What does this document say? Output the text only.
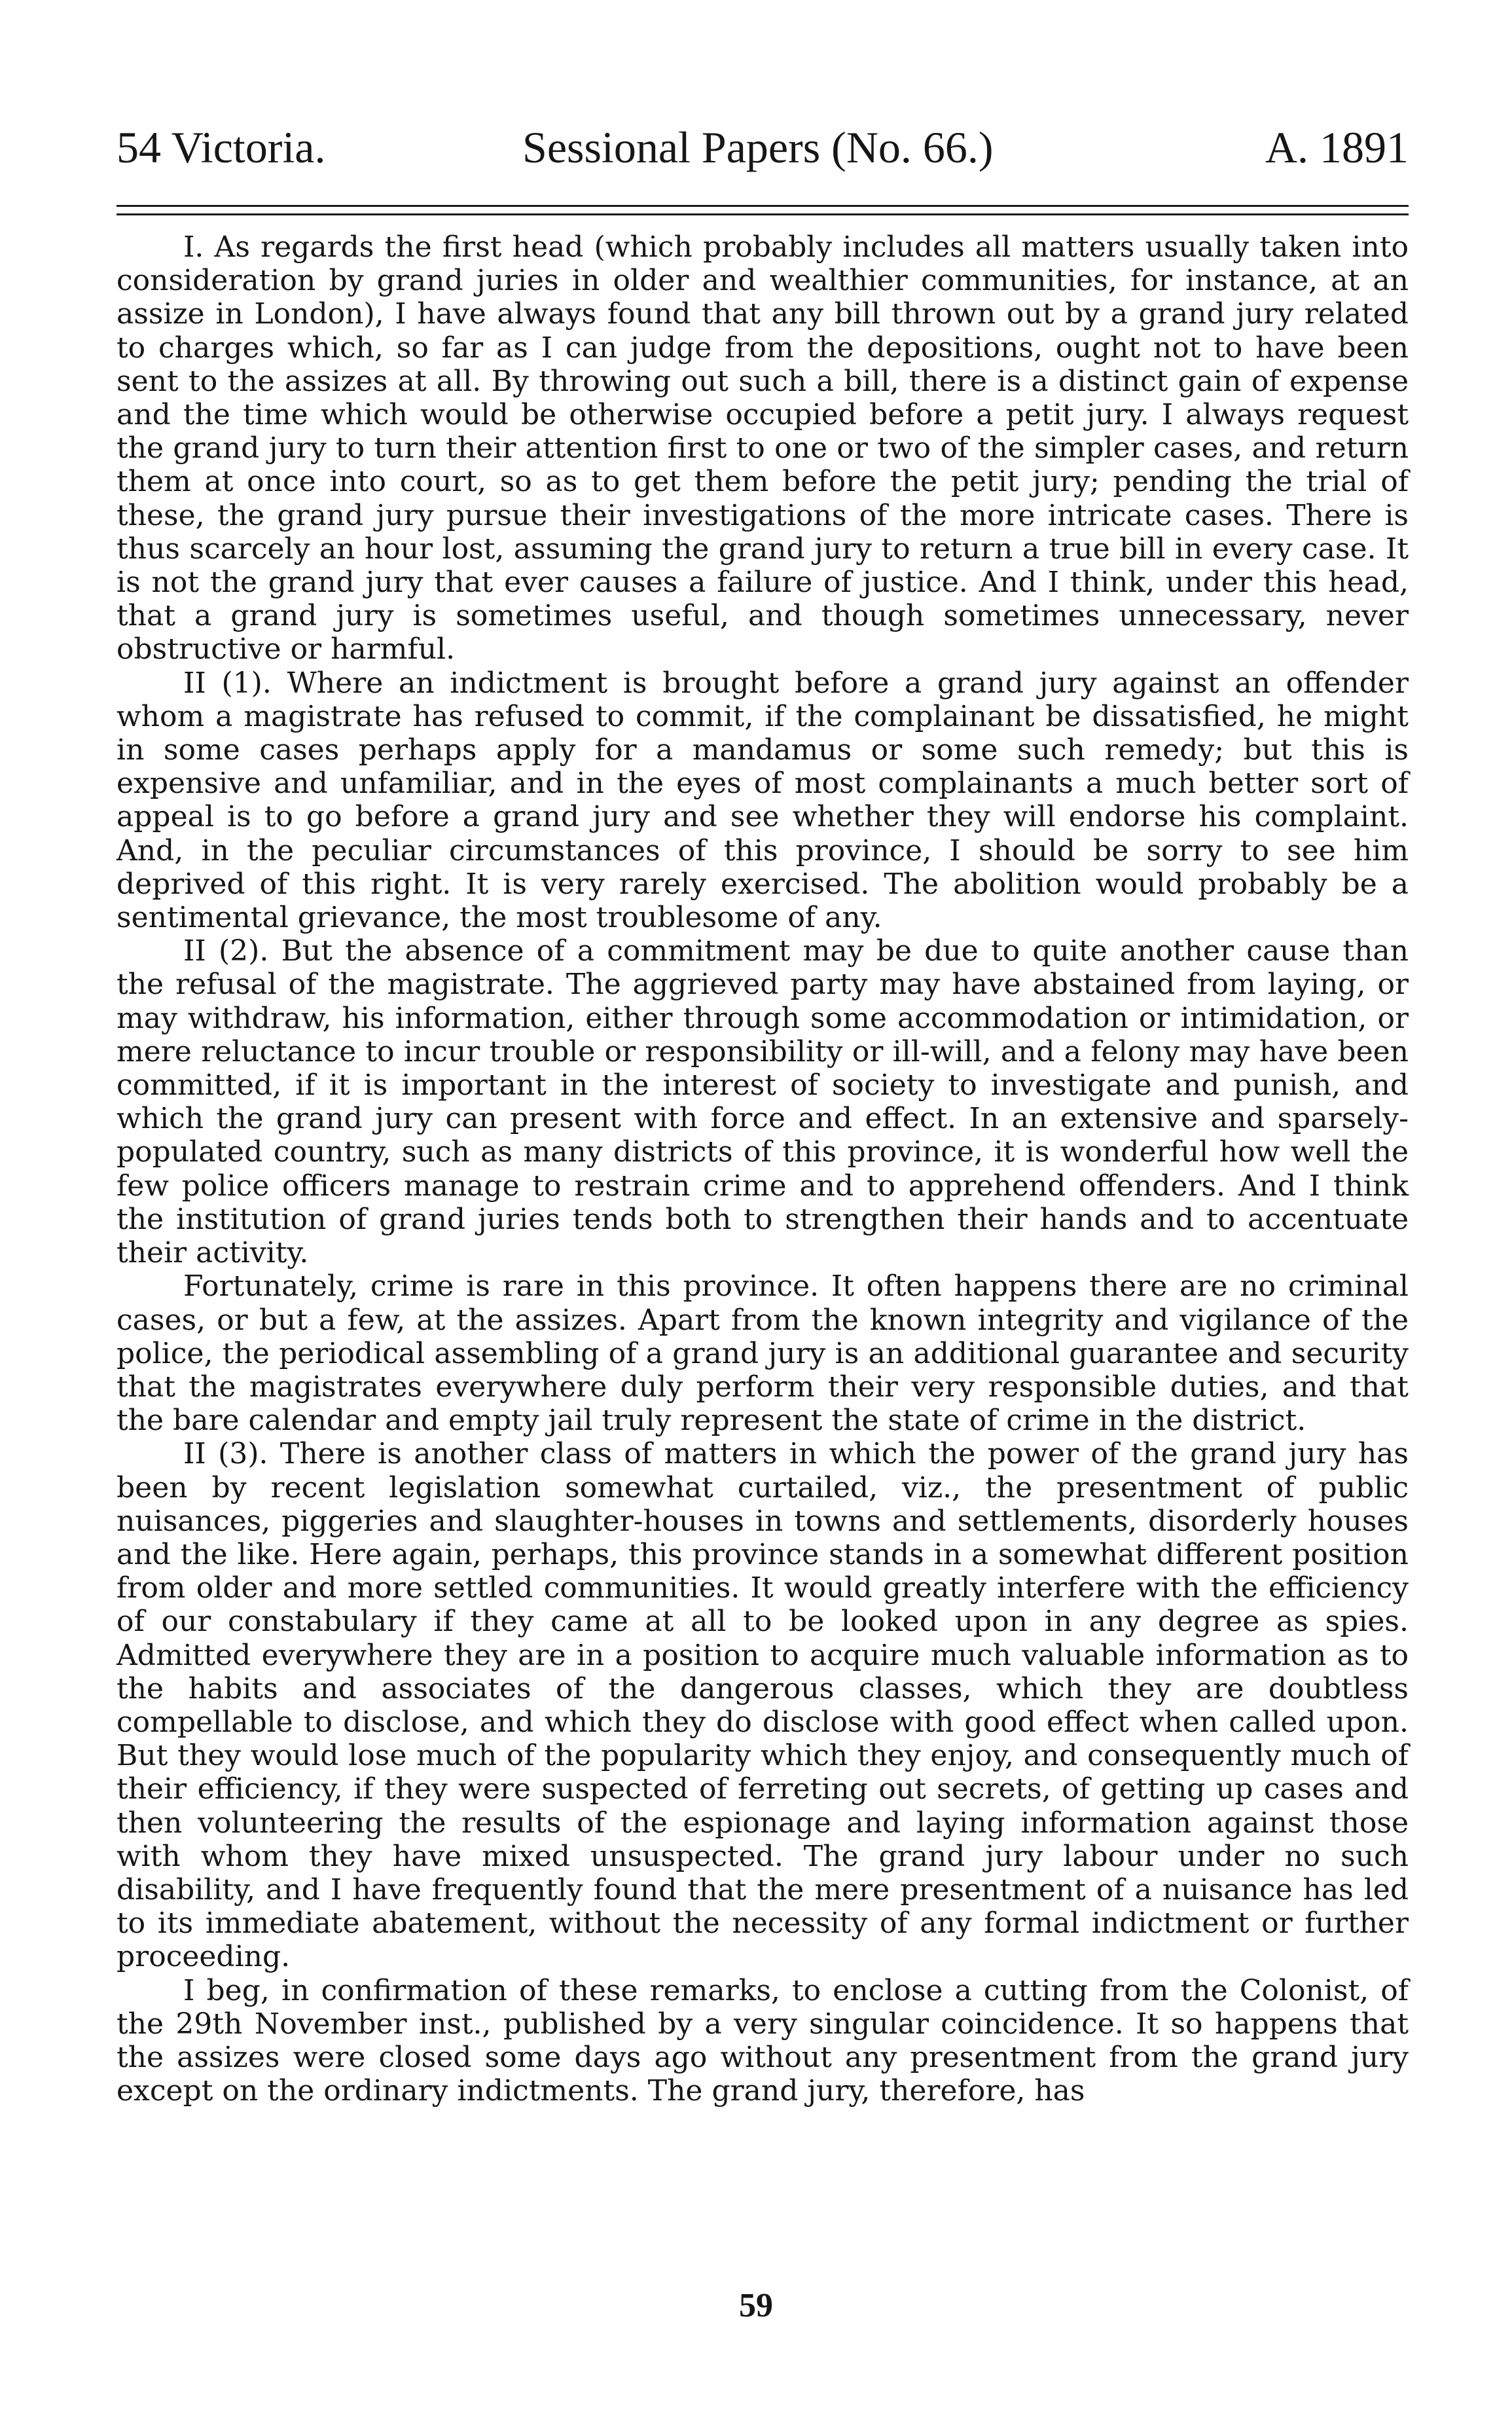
54 Victoria.	Sessional Papers (No. 66.)	A. 1891

I. As regards the first head (which probably includes all matters usually taken into consideration by grand juries in older and wealthier communities, for instance, at an assize in London), I have always found that any bill thrown out by a grand jury related to charges which, so far as I can judge from the depositions, ought not to have been sent to the assizes at all. By throwing out such a bill, there is a distinct gain of expense and the time which would be otherwise occupied before a petit jury. I always request the grand jury to turn their attention first to one or two of the simpler cases, and return them at once into court, so as to get them before the petit jury; pending the trial of these, the grand jury pursue their investigations of the more intricate cases. There is thus scarcely an hour lost, assuming the grand jury to return a true bill in every case. It is not the grand jury that ever causes a failure of justice. And I think, under this head, that a grand jury is sometimes useful, and though sometimes unnecessary, never obstructive or harmful.

II (1). Where an indictment is brought before a grand jury against an offender whom a magistrate has refused to commit, if the complainant be dissatisfied, he might in some cases perhaps apply for a mandamus or some such remedy; but this is expensive and unfamiliar, and in the eyes of most complainants a much better sort of appeal is to go before a grand jury and see whether they will endorse his complaint. And, in the peculiar circumstances of this province, I should be sorry to see him deprived of this right. It is very rarely exercised. The abolition would probably be a sentimental grievance, the most troublesome of any.

II (2). But the absence of a commitment may be due to quite another cause than the refusal of the magistrate. The aggrieved party may have abstained from laying, or may withdraw, his information, either through some accommodation or intimidation, or mere reluctance to incur trouble or responsibility or ill-will, and a felony may have been committed, if it is important in the interest of society to investigate and punish, and which the grand jury can present with force and effect. In an extensive and sparsely-populated country, such as many districts of this province, it is wonderful how well the few police officers manage to restrain crime and to apprehend offenders. And I think the institution of grand juries tends both to strengthen their hands and to accentuate their activity.

Fortunately, crime is rare in this province. It often happens there are no criminal cases, or but a few, at the assizes. Apart from the known integrity and vigilance of the police, the periodical assembling of a grand jury is an additional guarantee and security that the magistrates everywhere duly perform their very responsible duties, and that the bare calendar and empty jail truly represent the state of crime in the district.

II (3). There is another class of matters in which the power of the grand jury has been by recent legislation somewhat curtailed, viz., the presentment of public nuisances, piggeries and slaughter-houses in towns and settlements, disorderly houses and the like. Here again, perhaps, this province stands in a somewhat different position from older and more settled communities. It would greatly interfere with the efficiency of our constabulary if they came at all to be looked upon in any degree as spies. Admitted everywhere they are in a position to acquire much valuable information as to the habits and associates of the dangerous classes, which they are doubtless compellable to disclose, and which they do disclose with good effect when called upon. But they would lose much of the popularity which they enjoy, and consequently much of their efficiency, if they were suspected of ferreting out secrets, of getting up cases and then volunteering the results of the espionage and laying information against those with whom they have mixed unsuspected. The grand jury labour under no such disability, and I have frequently found that the mere presentment of a nuisance has led to its immediate abatement, without the necessity of any formal indictment or further proceeding.

I beg, in confirmation of these remarks, to enclose a cutting from the Colonist, of the 29th November inst., published by a very singular coincidence. It so happens that the assizes were closed some days ago without any presentment from the grand jury except on the ordinary indictments. The grand jury, therefore, has

59
